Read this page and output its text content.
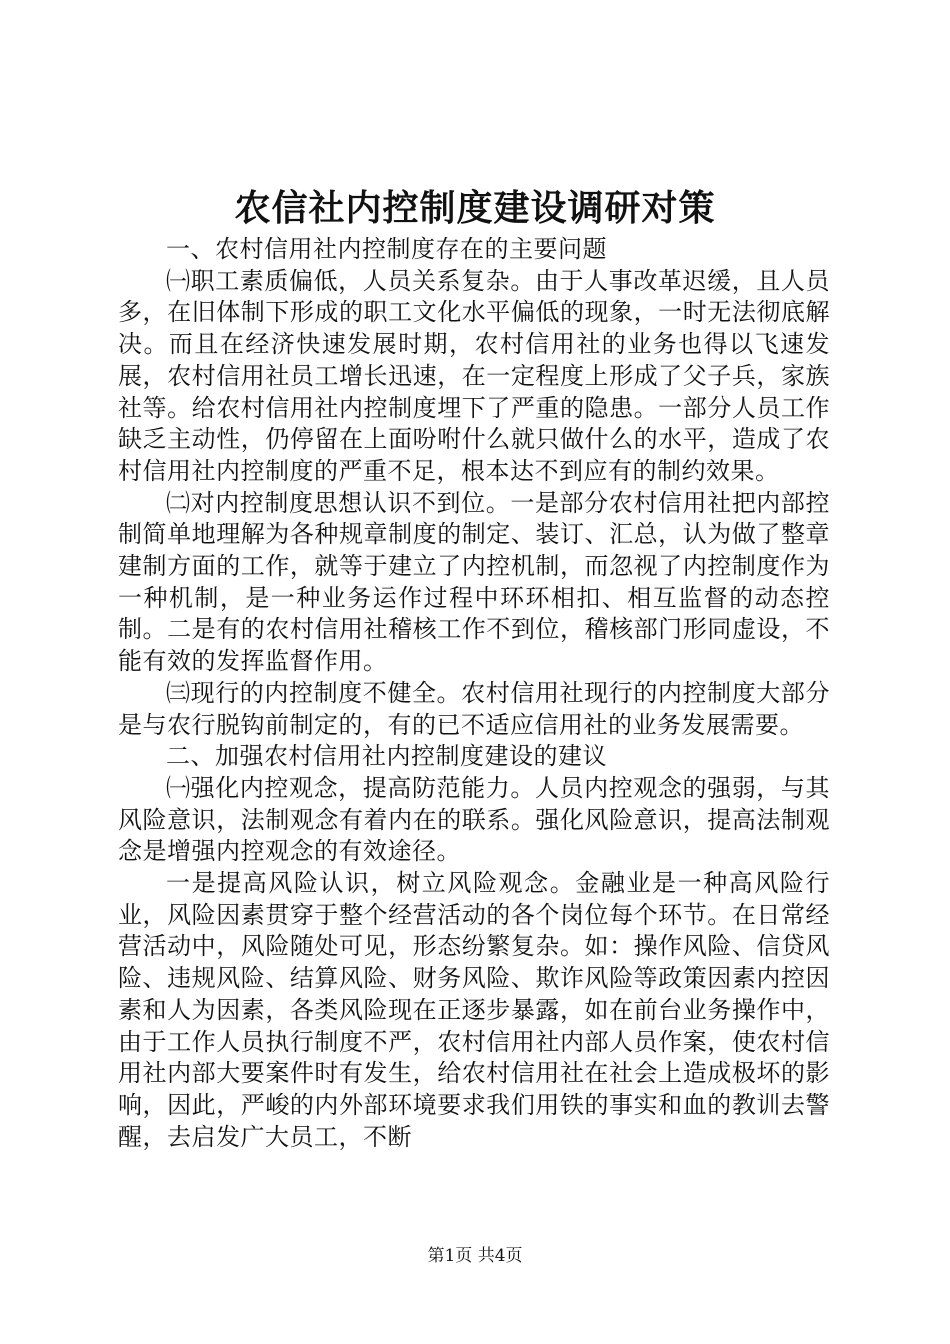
农信社内控制度建设调研对策

一、农村信用社内控制度存在的主要问题

㈠职工素质偏低，人员关系复杂。由于人事改革迟缓，且人员多，在旧体制下形成的职工文化水平偏低的现象，一时无法彻底解决。而且在经济快速发展时期，农村信用社的业务也得以飞速发展，农村信用社员工增长迅速，在一定程度上形成了父子兵，家族社等。给农村信用社内控制度埋下了严重的隐患。一部分人员工作缺乏主动性，仍停留在上面吩咐什么就只做什么的水平，造成了农村信用社内控制度的严重不足，根本达不到应有的制约效果。

㈡对内控制度思想认识不到位。一是部分农村信用社把内部控制简单地理解为各种规章制度的制定、装订、汇总，认为做了整章建制方面的工作，就等于建立了内控机制，而忽视了内控制度作为一种机制，是一种业务运作过程中环环相扣、相互监督的动态控制。二是有的农村信用社稽核工作不到位，稽核部门形同虚设，不能有效的发挥监督作用。

㈢现行的内控制度不健全。农村信用社现行的内控制度大部分是与农行脱钩前制定的，有的已不适应信用社的业务发展需要。

二、加强农村信用社内控制度建设的建议

㈠强化内控观念，提高防范能力。人员内控观念的强弱，与其风险意识，法制观念有着内在的联系。强化风险意识，提高法制观念是增强内控观念的有效途径。

一是提高风险认识，树立风险观念。金融业是一种高风险行业，风险因素贯穿于整个经营活动的各个岗位每个环节。在日常经营活动中，风险随处可见，形态纷繁复杂。如：操作风险、信贷风险、违规风险、结算风险、财务风险、欺诈风险等政策因素内控因素和人为因素，各类风险现在正逐步暴露，如在前台业务操作中，由于工作人员执行制度不严，农村信用社内部人员作案，使农村信用社内部大要案件时有发生，给农村信用社在社会上造成极坏的影响，因此，严峻的内外部环境要求我们用铁的事实和血的教训去警醒，去启发广大员工，不断

第1页 共4页
